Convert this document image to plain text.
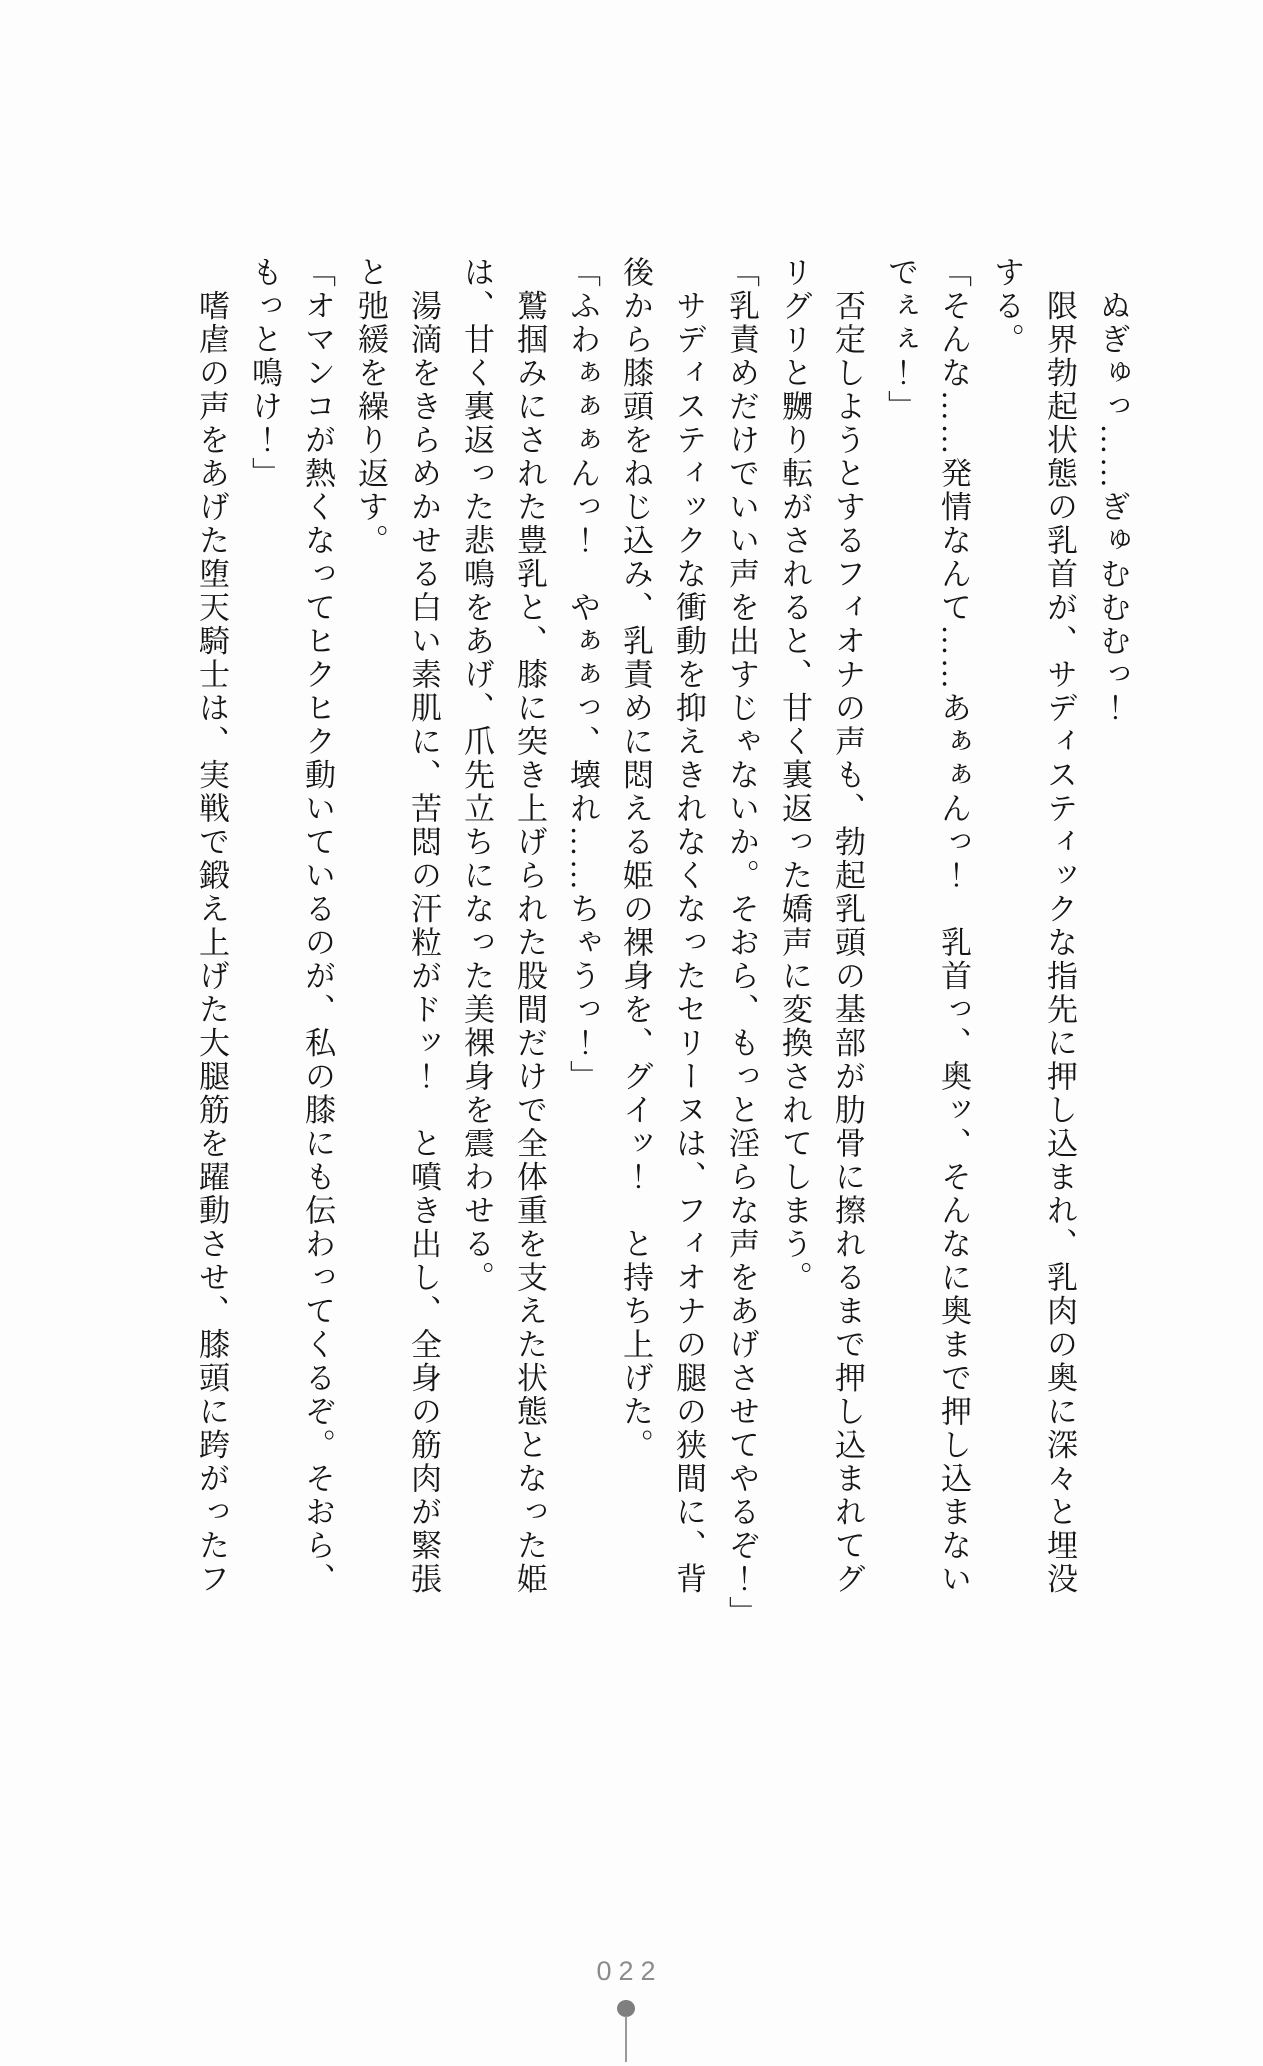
　ぬぎゅっ……ぎゅむむむっ！

　限界勃起状態の乳首が、サディスティックな指先に押し込まれ、乳肉の奥に深々と埋没

する。

「そんな……発情なんて……あぁぁんっ！　乳首っ、奥ッ、そんなに奥まで押し込まない

でぇぇ！」

　否定しようとするフィオナの声も、勃起乳頭の基部が肋骨に擦れるまで押し込まれてグ

リグリと嬲り転がされると、甘く裏返った嬌声に変換されてしまう。

「乳責めだけでいい声を出すじゃないか。そおら、もっと淫らな声をあげさせてやるぞ！」

　サディスティックな衝動を抑えきれなくなったセリーヌは、フィオナの腿の狭間に、背

後から膝頭をねじ込み、乳責めに悶える姫の裸身を、グイッ！　と持ち上げた。

「ふわぁぁぁんっ！　やぁぁっ、壊れ……ちゃうっ！」

　鷲掴みにされた豊乳と、膝に突き上げられた股間だけで全体重を支えた状態となった姫

は、甘く裏返った悲鳴をあげ、爪先立ちになった美裸身を震わせる。

　湯滴をきらめかせる白い素肌に、苦悶の汗粒がドッ！　と噴き出し、全身の筋肉が緊張

と弛緩を繰り返す。

「オマンコが熱くなってヒクヒク動いているのが、私の膝にも伝わってくるぞ。そおら、

もっと鳴け！」

　嗜虐の声をあげた堕天騎士は、実戦で鍛え上げた大腿筋を躍動させ、膝頭に跨がったフ

022
